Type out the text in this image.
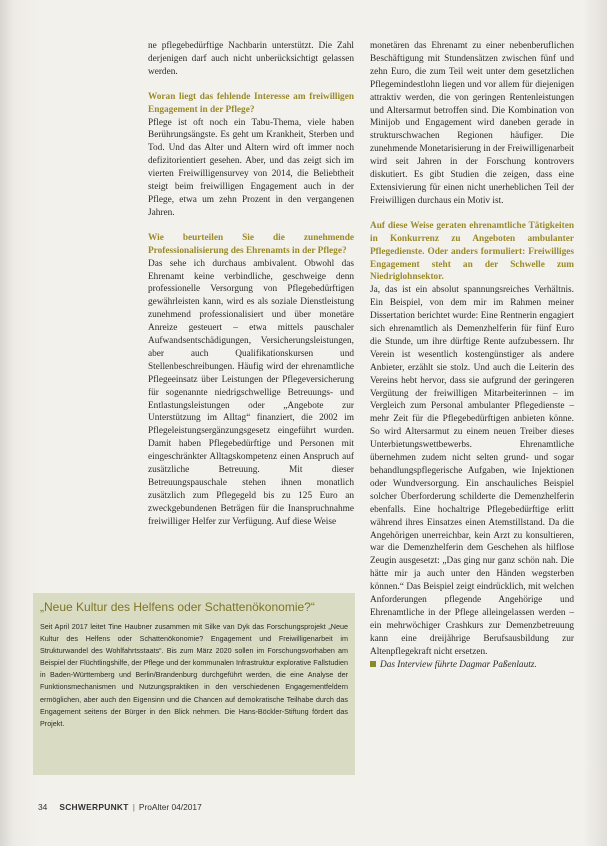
ne pflegebedürftige Nachbarin unterstützt. Die Zahl derjenigen darf auch nicht unberücksichtigt gelassen werden.

Woran liegt das fehlende Interesse am freiwilligen Engagement in der Pflege?

Pflege ist oft noch ein Tabu-Thema, viele haben Berührungsängste. Es geht um Krankheit, Sterben und Tod. Und das Alter und Altern wird oft immer noch defizitorientiert gesehen. Aber, und das zeigt sich im vierten Freiwilligensurvey von 2014, die Beliebtheit steigt beim freiwilligen Engagement auch in der Pflege, etwa um zehn Prozent in den vergangenen Jahren.

Wie beurteilen Sie die zunehmende Professionalisierung des Ehrenamts in der Pflege?

Das sehe ich durchaus ambivalent. Obwohl das Ehrenamt keine verbindliche, geschweige denn professionelle Versorgung von Pflegebedürftigen gewährleisten kann, wird es als soziale Dienstleistung zunehmend professionalisiert und über monetäre Anreize gesteuert – etwa mittels pauschaler Aufwandsentschädigungen, Versicherungsleistungen, aber auch Qualifikationskursen und Stellenbeschreibungen. Häufig wird der ehrenamtliche Pflegeeinsatz über Leistungen der Pflegeversicherung für sogenannte niedrigschwellige Betreuungs- und Entlastungsleistungen oder „Angebote zur Unterstützung im Alltag“ finanziert, die 2002 im Pflegeleistungsergänzungsgesetz eingeführt wurden. Damit haben Pflegebedürftige und Personen mit eingeschränkter Alltagskompetenz einen Anspruch auf zusätzliche Betreuung. Mit dieser Betreuungspauschale stehen ihnen monatlich zusätzlich zum Pflegegeld bis zu 125 Euro an zweckgebundenen Beträgen für die Inanspruchnahme freiwilliger Helfer zur Verfügung. Auf diese Weise

monetären das Ehrenamt zu einer nebenberuflichen Beschäftigung mit Stundensätzen zwischen fünf und zehn Euro, die zum Teil weit unter dem gesetzlichen Pflegemindestlohn liegen und vor allem für diejenigen attraktiv werden, die von geringen Rentenleistungen und Altersarmut betroffen sind. Die Kombination von Minijob und Engagement wird daneben gerade in strukturschwachen Regionen häufiger. Die zunehmende Monetarisierung in der Freiwilligenarbeit wird seit Jahren in der Forschung kontrovers diskutiert. Es gibt Studien die zeigen, dass eine Extensivierung für einen nicht unerheblichen Teil der Freiwilligen durchaus ein Motiv ist.

Auf diese Weise geraten ehrenamtliche Tätigkeiten in Konkurrenz zu Angeboten ambulanter Pflegedienste. Oder anders formuliert: Freiwilliges Engagement steht an der Schwelle zum Niedriglohnsektor.

Ja, das ist ein absolut spannungsreiches Verhältnis. Ein Beispiel, von dem mir im Rahmen meiner Dissertation berichtet wurde: Eine Rentnerin engagiert sich ehrenamtlich als Demenzhelferin für fünf Euro die Stunde, um ihre dürftige Rente aufzubessern. Ihr Verein ist wesentlich kostengünstiger als andere Anbieter, erzählt sie stolz. Und auch die Leiterin des Vereins hebt hervor, dass sie aufgrund der geringeren Vergütung der freiwilligen Mitarbeiterinnen – im Vergleich zum Personal ambulanter Pflegedienste – mehr Zeit für die Pflegebedürftigen anbieten könne. So wird Altersarmut zu einem neuen Treiber dieses Unterbietungswettbewerbs. Ehrenamtliche übernehmen zudem nicht selten grund- und sogar behandlungspflegerische Aufgaben, wie Injektionen oder Wundversorgung. Ein anschauliches Beispiel solcher Überforderung schilderte die Demenzhelferin ebenfalls. Eine hochaltrige Pflegebedürftige erlitt während ihres Einsatzes einen Atemstillstand. Da die Angehörigen unerreichbar, kein Arzt zu konsultieren, war die Demenzhelferin dem Geschehen als hilflose Zeugin ausgesetzt: „Das ging nur ganz schön nah. Die hätte mir ja auch unter den Händen wegsterben können.“ Das Beispiel zeigt eindrücklich, mit welchen Anforderungen pflegende Angehörige und Ehrenamtliche in der Pflege alleingelassen werden – ein mehrwöchiger Crashkurs zur Demenzbetreuung kann eine dreijährige Berufsausbildung zur Altenpflegekraft nicht ersetzen.

Das Interview führte Dagmar Paßenlautz.

„Neue Kultur des Helfens oder Schattenökonomie?“

Seit April 2017 leitet Tine Haubner zusammen mit Silke van Dyk das Forschungsprojekt „Neue Kultur des Helfens oder Schattenökonomie? Engagement und Freiwilligenarbeit im Strukturwandel des Wohlfahrtsstaats“. Bis zum März 2020 sollen im Forschungsvorhaben am Beispiel der Flüchtlingshilfe, der Pflege und der kommunalen Infrastruktur explorative Fallstudien in Baden-Württemberg und Berlin/Brandenburg durchgeführt werden, die eine Analyse der Funktionsmechanismen und Nutzungspraktiken in den verschiedenen Engagementfeldern ermöglichen, aber auch den Eigensinn und die Chancen auf demokratische Teilhabe durch das Engagement seitens der Bürger in den Blick nehmen. Die Hans-Böckler-Stiftung fördert das Projekt.

34 SCHWERPUNKT | ProAlter 04/2017
